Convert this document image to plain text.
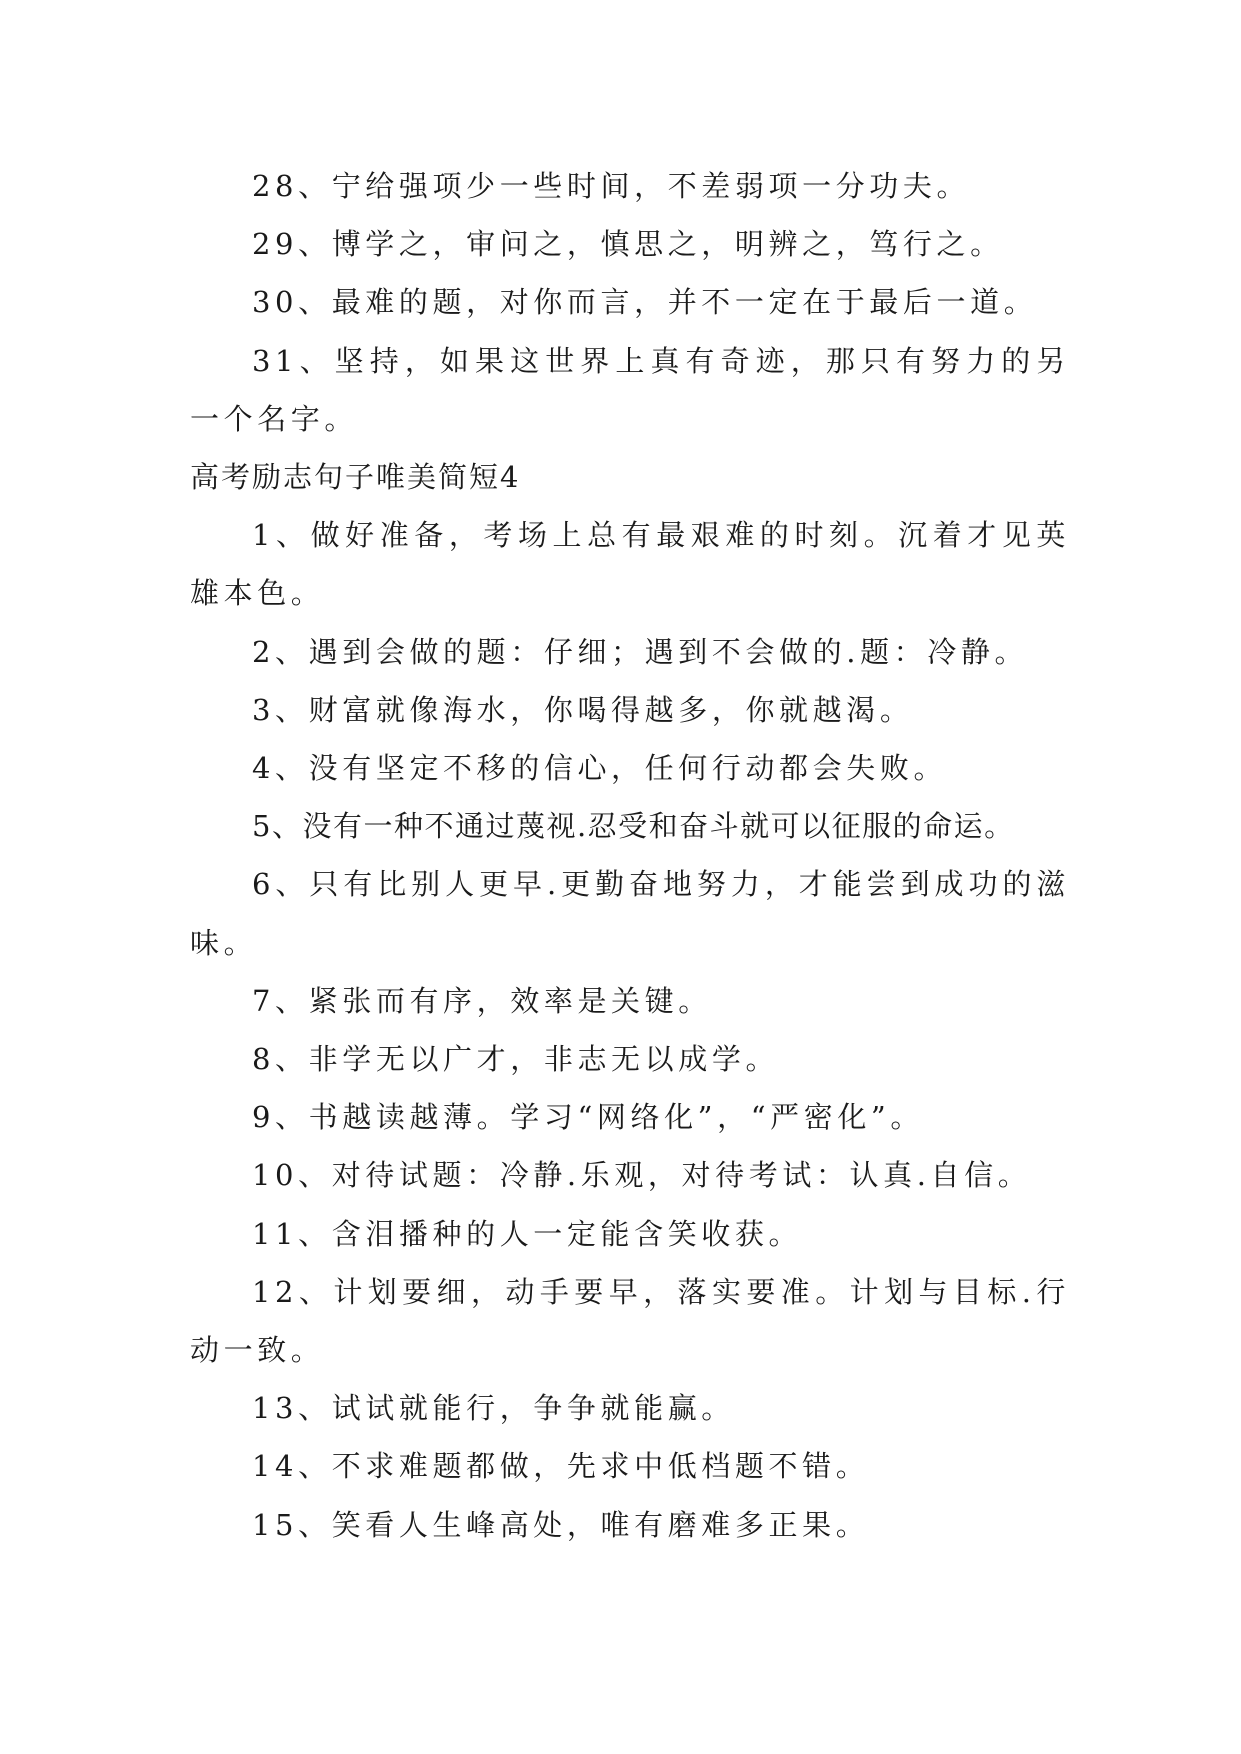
28、宁给强项少一些时间，不差弱项一分功夫。

29、博学之，审问之，慎思之，明辨之，笃行之。

30、最难的题，对你而言，并不一定在于最后一道。

31、坚持，如果这世界上真有奇迹，那只有努力的另一个名字。

高考励志句子唯美简短4

1、做好准备，考场上总有最艰难的时刻。沉着才见英雄本色。

2、遇到会做的题：仔细；遇到不会做的.题：冷静。

3、财富就像海水，你喝得越多，你就越渴。

4、没有坚定不移的信心，任何行动都会失败。

5、没有一种不通过蔑视.忍受和奋斗就可以征服的命运。

6、只有比别人更早.更勤奋地努力，才能尝到成功的滋味。

7、紧张而有序，效率是关键。

8、非学无以广才，非志无以成学。

9、书越读越薄。学习“网络化”，“严密化”。

10、对待试题：冷静.乐观，对待考试：认真.自信。

11、含泪播种的人一定能含笑收获。

12、计划要细，动手要早，落实要准。计划与目标.行动一致。

13、试试就能行，争争就能赢。

14、不求难题都做，先求中低档题不错。

15、笑看人生峰高处，唯有磨难多正果。
